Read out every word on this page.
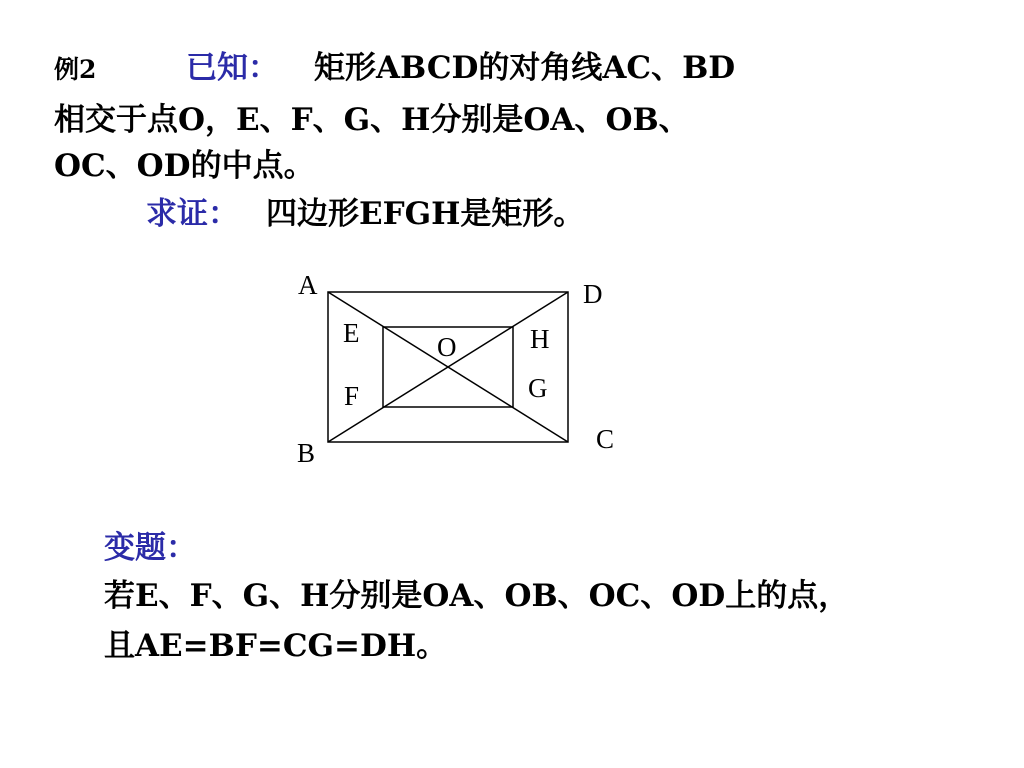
例2	已知： 矩形ABCD的对角线AC、BD
相交于点O，E、F、G、H分别是OA、OB、
OC、OD的中点。
求证： 四边形EFGH是矩形。
A	D
E	O	H
G
F
C
B
变题：
若E、F、G、H分别是OA、OB、OC、OD上的点，
且AE=BF=CG=DH。
